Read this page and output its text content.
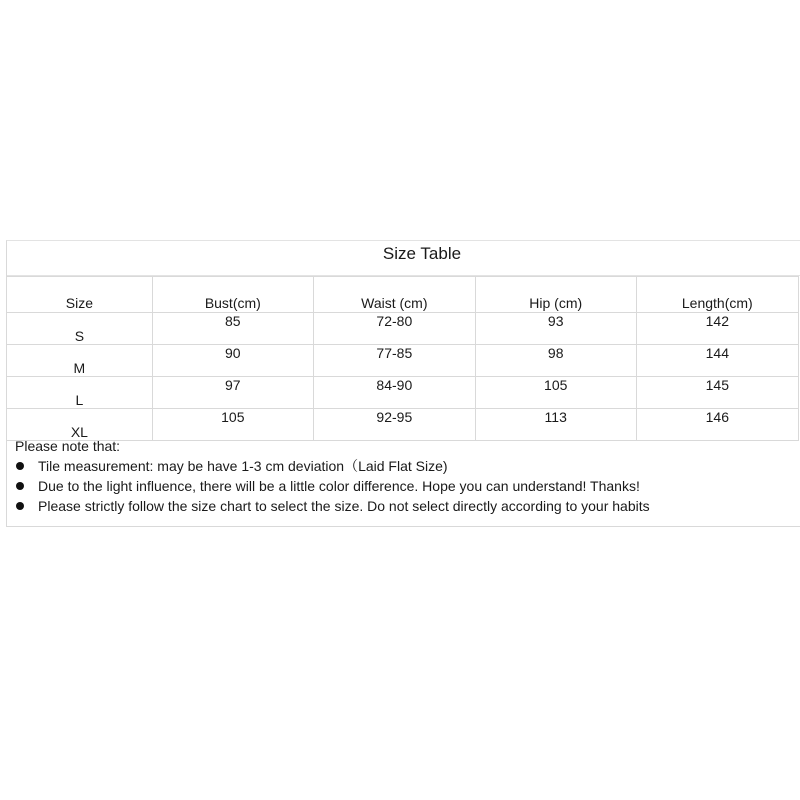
Size Table
Size	Bust(cm)	Waist (cm)	Hip (cm)	Length(cm)
S	85	72-80	93	142
M	90	77-85	98	144
L	97	84-90	105	145
XL	105	92-95	113	146
Please note that:
Tile measurement: may be have 1-3 cm deviation（Laid Flat Size)
Due to the light influence, there will be a little color difference. Hope you can understand! Thanks!
Please strictly follow the size chart to select the size. Do not select directly according to your habits
